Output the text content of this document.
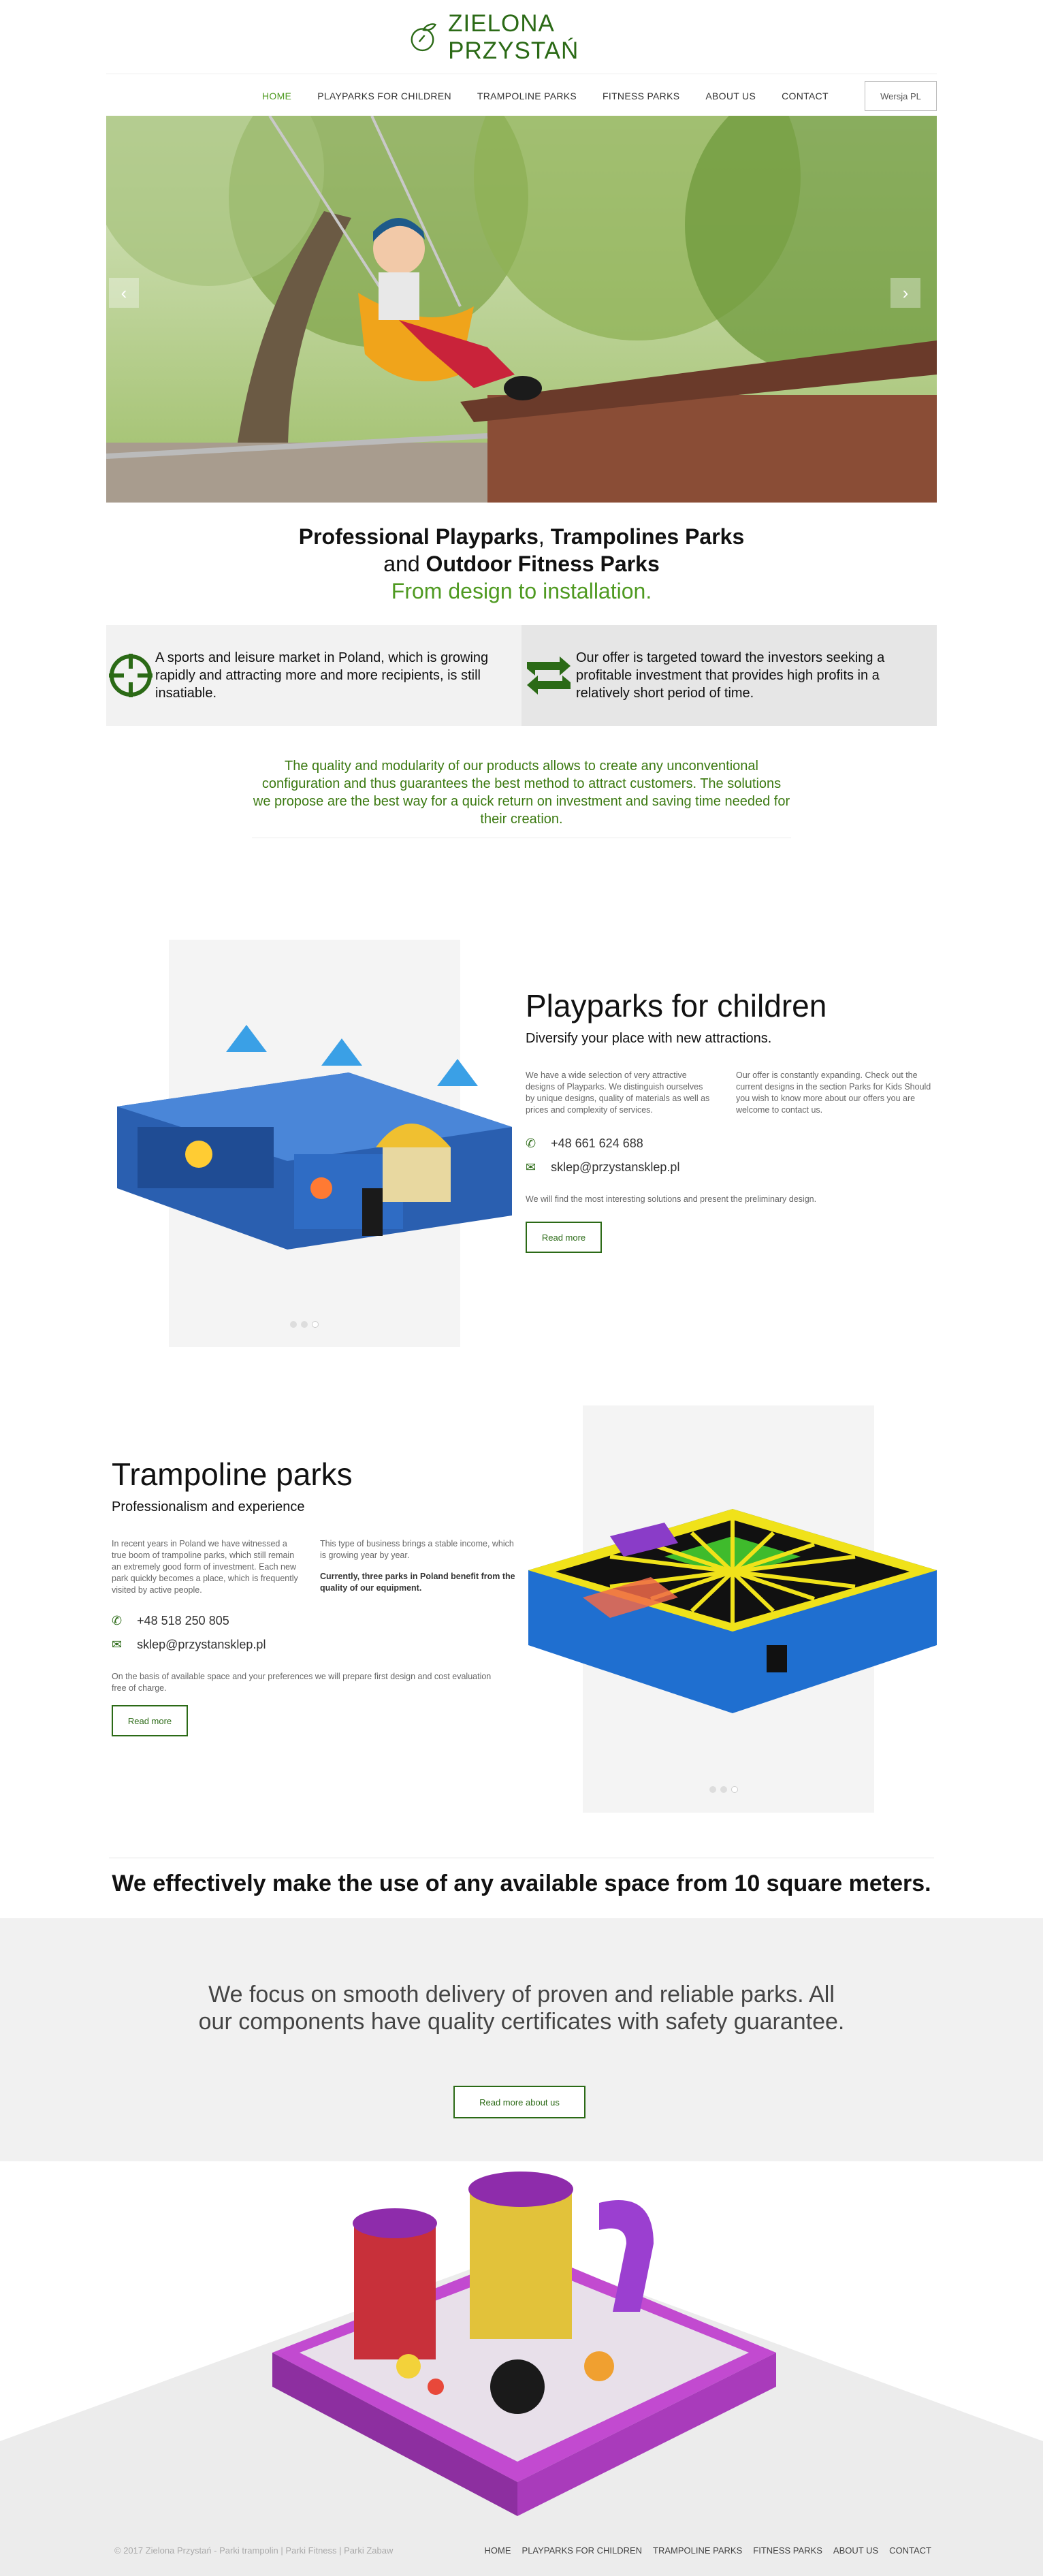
ZIELONA PRZYSTAŃ
HOME	PLAYPARKS FOR CHILDREN	TRAMPOLINE PARKS	FITNESS PARKS	ABOUT US	CONTACT	Wersja PL
‹	›
Professional Playparks, Trampolines Parks
and Outdoor Fitness Parks
From design to installation.
A sports and leisure market in Poland, which is growing rapidly and attracting more and more recipients, is still insatiable.
Our offer is targeted toward the investors seeking a profitable investment that provides high profits in a relatively short period of time.
The quality and modularity of our products allows to create any unconventional configuration and thus guarantees the best method to attract customers. The solutions we propose are the best way for a quick return on investment and saving time needed for their creation.
Playparks for children
Diversify your place with new attractions.

We have a wide selection of very attractive designs of Playparks. We distinguish ourselves by unique designs, quality of materials as well as prices and complexity of services.

Our offer is constantly expanding. Check out the current designs in the section Parks for Kids Should you wish to know more about our offers you are welcome to contact us.

✆ +48 661 624 688
✉ sklep@przystansklep.pl

We will find the most interesting solutions and present the preliminary design.

Read more
Trampoline parks
Professionalism and experience

In recent years in Poland we have witnessed a true boom of trampoline parks, which still remain an extremely good form of investment. Each new park quickly becomes a place, which is frequently visited by active people.

This type of business brings a stable income, which is growing year by year.

Currently, three parks in Poland benefit from the quality of our equipment.

✆ +48 518 250 805
✉ sklep@przystansklep.pl

On the basis of available space and your preferences we will prepare first design and cost evaluation free of charge.

Read more
We effectively make the use of any available space from 10 square meters.
We focus on smooth delivery of proven and reliable parks. All our components have quality certificates with safety guarantee.
Read more about us
© 2017 Zielona Przystań - Parki trampolin | Parki Fitness | Parki Zabaw	HOME PLAYPARKS FOR CHILDREN TRAMPOLINE PARKS FITNESS PARKS ABOUT US CONTACT
